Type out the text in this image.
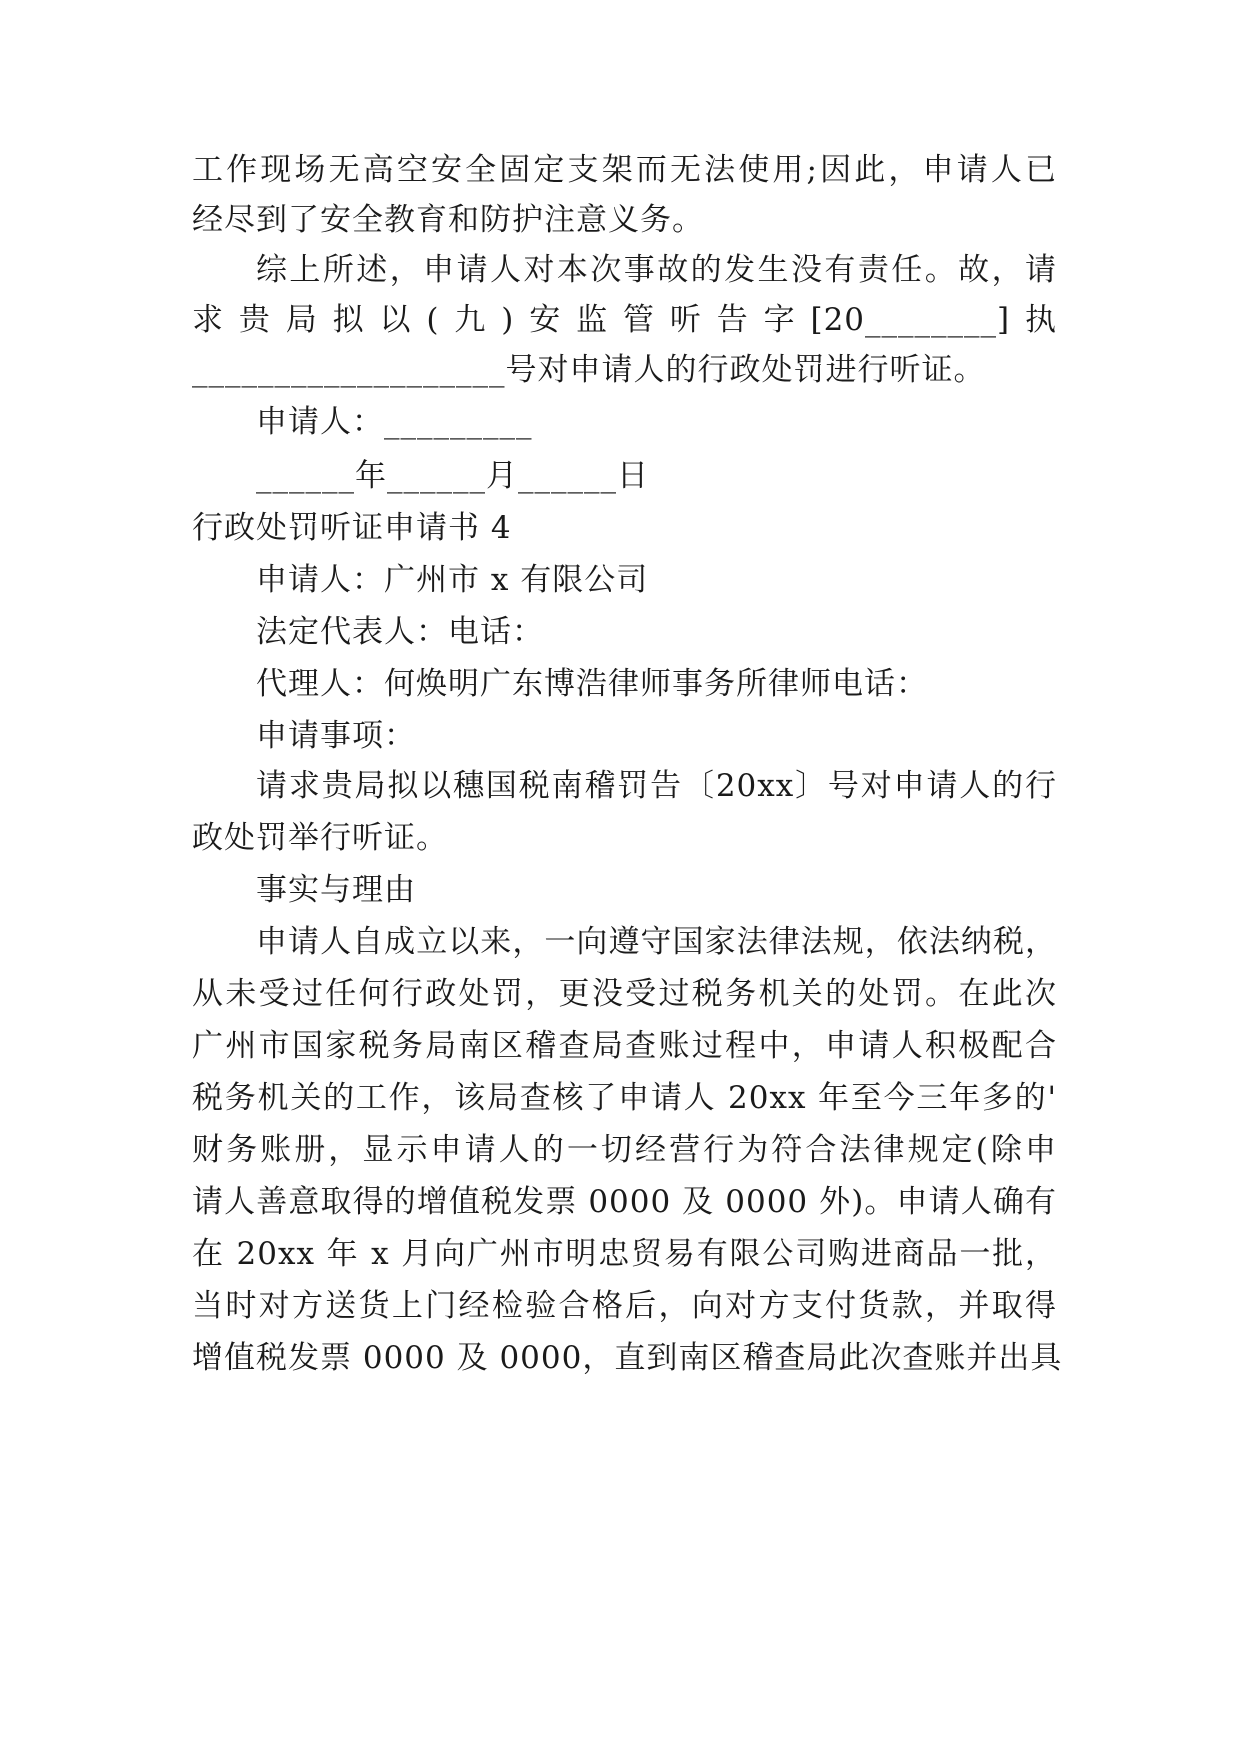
工作现场无高空安全固定支架而无法使用;因此，申请人已
经尽到了安全教育和防护注意义务。
综上所述，申请人对本次事故的发生没有责任。故，请
求贵局拟以(九)安监管听告字[20________]执
___________________号对申请人的行政处罚进行听证。
申请人：_________
______年______月______日
行政处罚听证申请书 4
申请人：广州市 x 有限公司
法定代表人：电话：
代理人：何焕明广东博浩律师事务所律师电话：
申请事项：
请求贵局拟以穗国税南稽罚告〔20xx〕号对申请人的行
政处罚举行听证。
事实与理由
申请人自成立以来，一向遵守国家法律法规，依法纳税，
从未受过任何行政处罚，更没受过税务机关的处罚。在此次
广州市国家税务局南区稽查局查账过程中，申请人积极配合
税务机关的工作，该局查核了申请人 20xx 年至今三年多的'
财务账册，显示申请人的一切经营行为符合法律规定(除申
请人善意取得的增值税发票 0000 及 0000 外)。申请人确有
在 20xx 年 x 月向广州市明忠贸易有限公司购进商品一批，
当时对方送货上门经检验合格后，向对方支付货款，并取得
增值税发票 0000 及 0000，直到南区稽查局此次查账并出具
